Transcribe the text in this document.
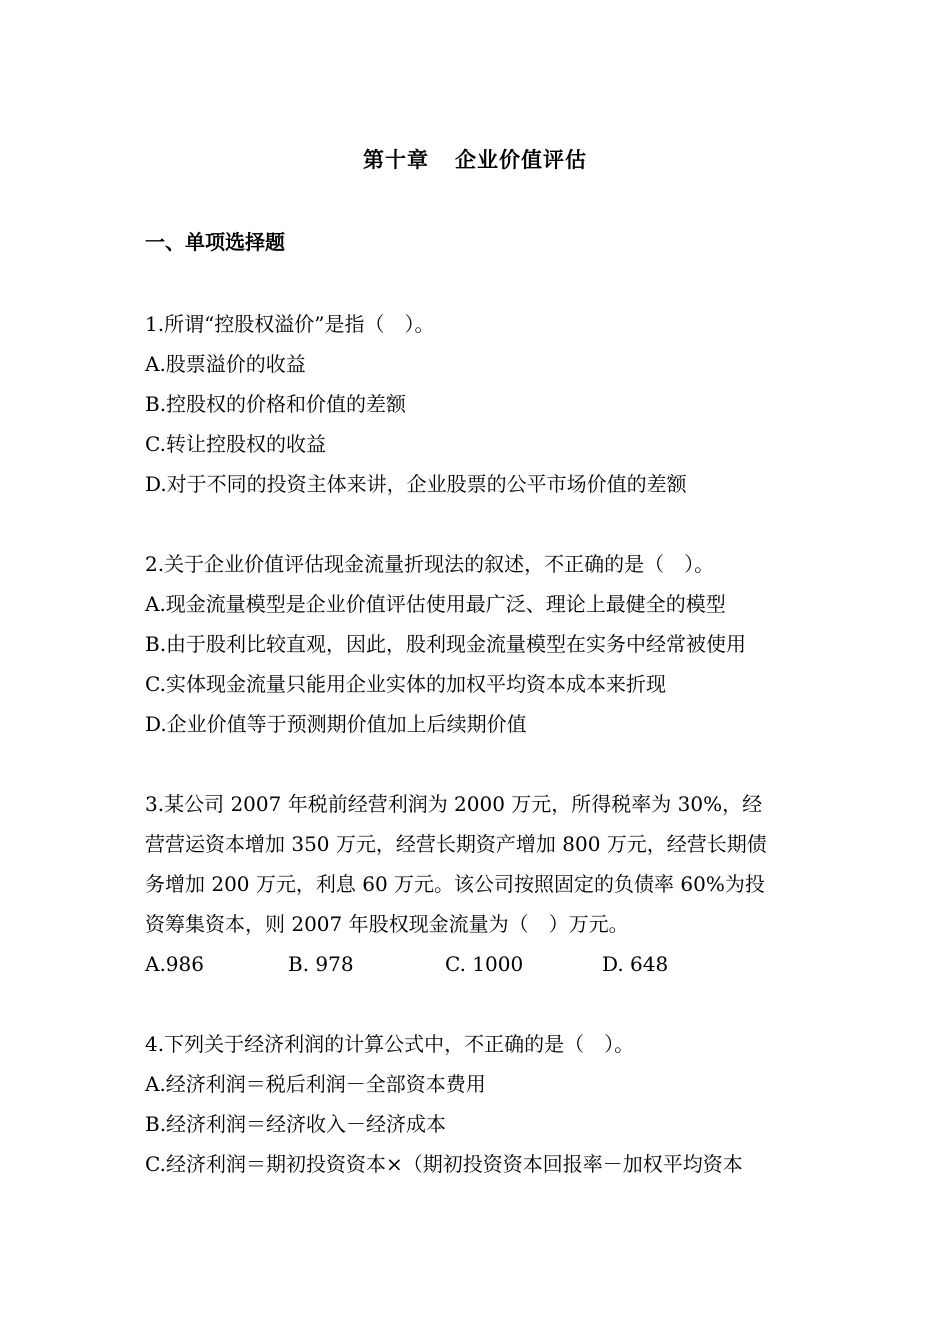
第十章 企业价值评估
一、单项选择题

1.所谓“控股权溢价”是指（　）。

A.股票溢价的收益

B.控股权的价格和价值的差额

C.转让控股权的收益

D.对于不同的投资主体来讲，企业股票的公平市场价值的差额

2.关于企业价值评估现金流量折现法的叙述，不正确的是（　）。

A.现金流量模型是企业价值评估使用最广泛、理论上最健全的模型

B.由于股利比较直观，因此，股利现金流量模型在实务中经常被使用

C.实体现金流量只能用企业实体的加权平均资本成本来折现

D.企业价值等于预测期价值加上后续期价值

3.某公司 2007 年税前经营利润为 2000 万元，所得税率为 30%，经

营营运资本增加 350 万元，经营长期资产增加 800 万元，经营长期债

务增加 200 万元，利息 60 万元。该公司按照固定的负债率 60%为投

资筹集资本，则 2007 年股权现金流量为（　）万元。

A.986	B. 978	C. 1000	D. 648

4.下列关于经济利润的计算公式中，不正确的是（　）。

A.经济利润＝税后利润－全部资本费用

B.经济利润＝经济收入－经济成本

C.经济利润＝期初投资资本×（期初投资资本回报率－加权平均资本
